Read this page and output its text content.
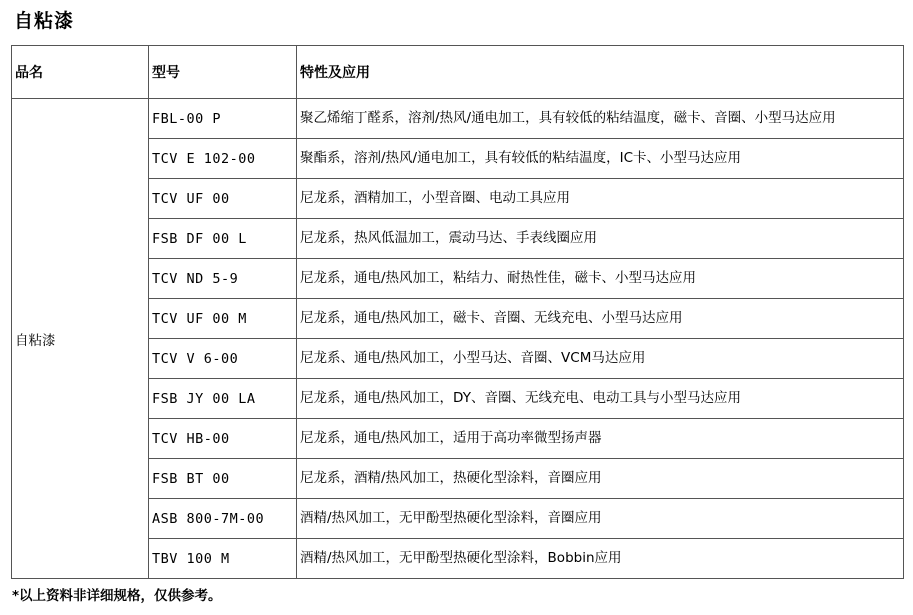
自粘漆
品名	型号	特性及应用
自粘漆	FBL-00 P	聚乙烯缩丁醛系，溶剂/热风/通电加工，具有较低的粘结温度，磁卡、音圈、小型马达应用
	TCV E 102-00	聚酯系，溶剂/热风/通电加工，具有较低的粘结温度，IC卡、小型马达应用
	TCV UF 00	尼龙系，酒精加工，小型音圈、电动工具应用
	FSB DF 00 L	尼龙系，热风低温加工，震动马达、手表线圈应用
	TCV ND 5-9	尼龙系，通电/热风加工，粘结力、耐热性佳，磁卡、小型马达应用
	TCV UF 00 M	尼龙系，通电/热风加工，磁卡、音圈、无线充电、小型马达应用
	TCV V 6-00	尼龙系、通电/热风加工，小型马达、音圈、VCM马达应用
	FSB JY 00 LA	尼龙系，通电/热风加工，DY、音圈、无线充电、电动工具与小型马达应用
	TCV HB-00	尼龙系，通电/热风加工，适用于高功率微型扬声器
	FSB BT 00	尼龙系，酒精/热风加工，热硬化型涂料，音圈应用
	ASB 800-7M-00	酒精/热风加工，无甲酚型热硬化型涂料，音圈应用
	TBV 100 M	酒精/热风加工，无甲酚型热硬化型涂料，Bobbin应用
*以上资料非详细规格，仅供参考。
